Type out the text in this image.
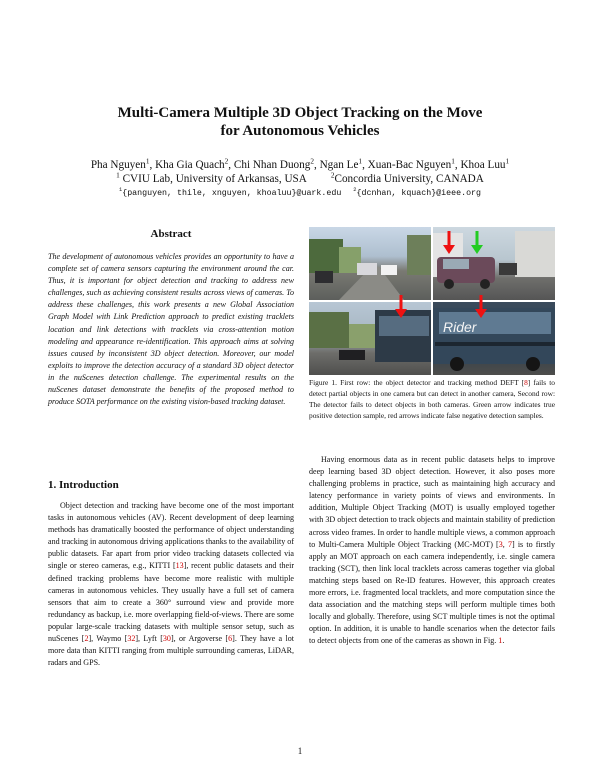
Multi-Camera Multiple 3D Object Tracking on the Move
for Autonomous Vehicles
Pha Nguyen$^1$, Kha Gia Quach$^2$, Chi Nhan Duong$^2$, Ngan Le$^1$, Xuan-Bac Nguyen$^1$, Khoa Luu$^1$
$^1$ CVIU Lab, University of Arkansas, USA	$^2$Concordia University, CANADA
$^1${panguyen, thile, xnguyen, khoaluu}@uark.edu $^2${dcnhan, kquach}@ieee.org
Abstract
The development of autonomous vehicles provides an opportunity to have a complete set of camera sensors capturing the environment around the car. Thus, it is important for object detection and tracking to address new challenges, such as achieving consistent results across views of cameras. To address these challenges, this work presents a new Global Association Graph Model with Link Prediction approach to predict existing tracklets location and link detections with tracklets via cross-attention motion modeling and appearance re-identification. This approach aims at solving issues caused by inconsistent 3D object detection. Moreover, our model exploits to improve the detection accuracy of a standard 3D object detector in the nuScenes detection challenge. The experimental results on the nuScenes dataset demonstrate the benefits of the proposed method to produce SOTA performance on the existing vision-based tracking dataset.
1. Introduction

Object detection and tracking have become one of the most important tasks in autonomous vehicles (AV). Recent development of deep learning methods has dramatically boosted the performance of object understanding and tracking in autonomous driving applications thanks to the availability of public datasets. Far apart from prior video tracking datasets collected via single or stereo cameras, e.g., KITTI [13], recent public datasets and their defined tracking problems have become more realistic with multiple cameras in autonomous vehicles. They usually have a full set of camera sensors that aim to create a 360° surround view and provide more redundancy as backup, i.e. more overlapping field-of-views. There are some popular large-scale tracking datasets with multiple sensor setup, such as nuScenes [2], Waymo [32], Lyft [30], or Argoverse [6]. They have a lot more data than KITTI ranging from multiple surrounding cameras, LiDAR, radars and GPS.

Rider
Figure 1. First row: the object detector and tracking method DEFT [8] fails to detect partial objects in one camera but can detect in another camera, Second row: The detector fails to detect objects in both cameras. Green arrow indicates true positive detection sample, red arrows indicate false negative detection samples.

Having enormous data as in recent public datasets helps to improve deep learning based 3D object detection. However, it also poses more challenging problems in practice, such as maintaining high accuracy and latency performance in variety points of views and environments. In addition, Multiple Object Tracking (MOT) is usually employed together with 3D object detection to track objects and maintain stability of prediction across video frames. In order to handle multiple views, a common approach to Multi-Camera Multiple Object Tracking (MC-MOT) [3, 7] is to firstly apply an MOT approach on each camera independently, i.e. single camera tracking (SCT), then link local tracklets across cameras together via global matching steps based on Re-ID features. However, this approach creates more errors, i.e. fragmented local tracklets, and more computation since the data association and the matching steps will perform multiple times both locally and globally. Therefore, using SCT multiple times is not the optimal option. In addition, it is unable to handle scenarios when the detector fails to detect objects from one of the cameras as shown in Fig. 1.

1
